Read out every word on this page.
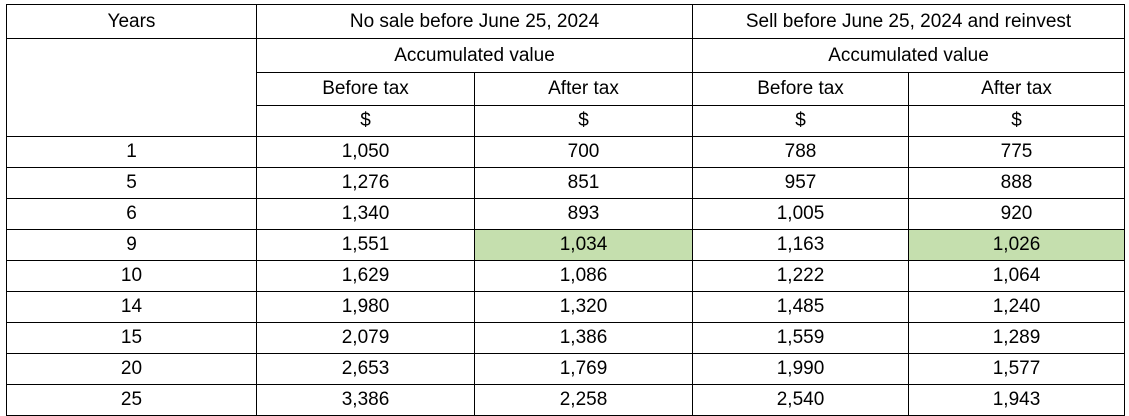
Years	No sale before June 25, 2024		Sell before June 25, 2024 and reinvest	
	Accumulated value		Accumulated value	
	Before tax	After tax	Before tax	After tax
	$	$	$	$
1	1,050	700	788	775
5	1,276	851	957	888
6	1,340	893	1,005	920
9	1,551	1,034	1,163	1,026
10	1,629	1,086	1,222	1,064
14	1,980	1,320	1,485	1,240
15	2,079	1,386	1,559	1,289
20	2,653	1,769	1,990	1,577
25	3,386	2,258	2,540	1,943
